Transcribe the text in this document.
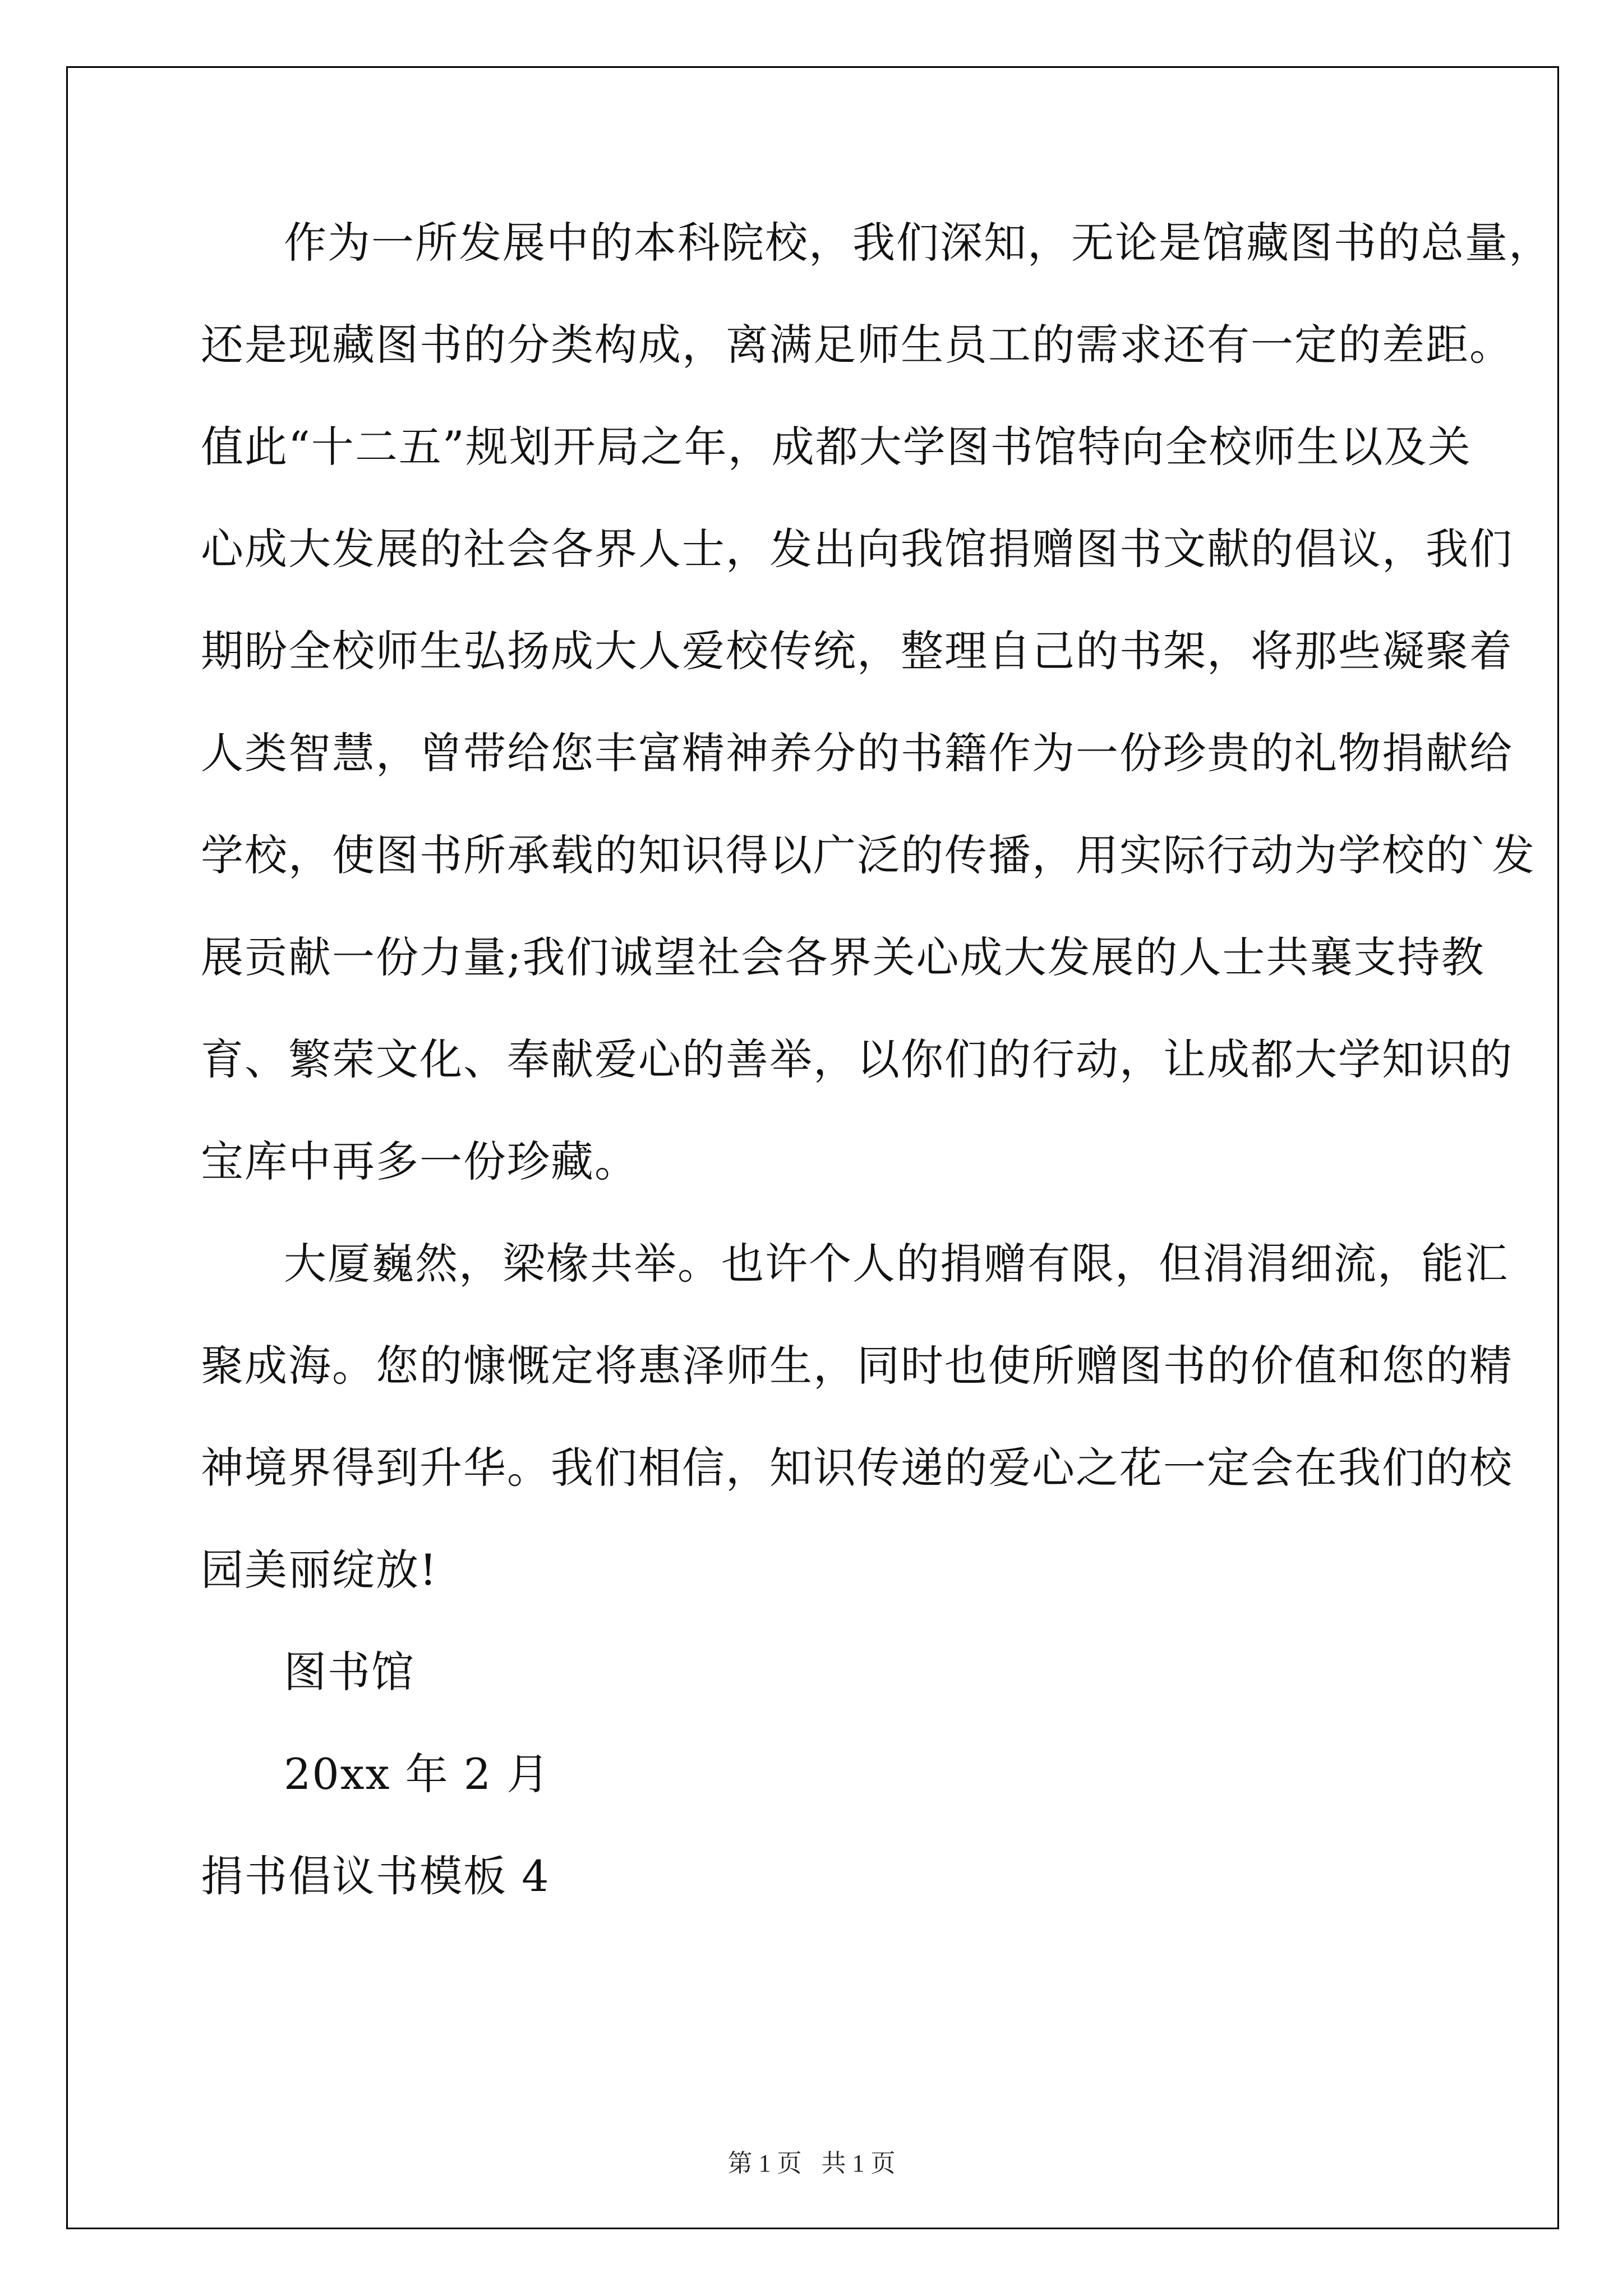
作为一所发展中的本科院校，我们深知，无论是馆藏图书的总量，
还是现藏图书的分类构成，离满足师生员工的需求还有一定的差距。
值此“十二五”规划开局之年，成都大学图书馆特向全校师生以及关
心成大发展的社会各界人士，发出向我馆捐赠图书文献的倡议，我们
期盼全校师生弘扬成大人爱校传统，整理自己的书架，将那些凝聚着
人类智慧，曾带给您丰富精神养分的书籍作为一份珍贵的礼物捐献给
学校，使图书所承载的知识得以广泛的传播，用实际行动为学校的`发
展贡献一份力量;我们诚望社会各界关心成大发展的人士共襄支持教
育、繁荣文化、奉献爱心的善举，以你们的行动，让成都大学知识的
宝库中再多一份珍藏。
大厦巍然，梁椽共举。也许个人的捐赠有限，但涓涓细流，能汇
聚成海。您的慷慨定将惠泽师生，同时也使所赠图书的价值和您的精
神境界得到升华。我们相信，知识传递的爱心之花一定会在我们的校
园美丽绽放!
图书馆
20xx 年 2 月
捐书倡议书模板 4
第 1 页 共 1 页
